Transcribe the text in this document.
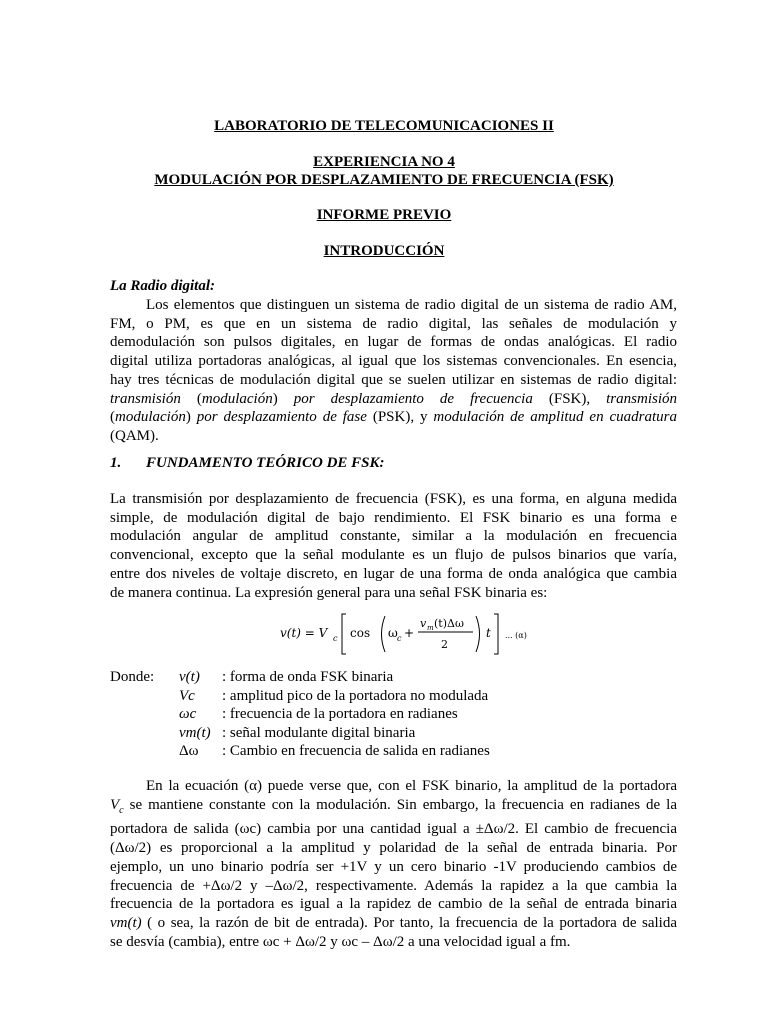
LABORATORIO DE TELECOMUNICACIONES II
EXPERIENCIA NO 4
MODULACIÓN POR DESPLAZAMIENTO DE FRECUENCIA (FSK)
INFORME PREVIO
INTRODUCCIÓN
La Radio digital:
Los elementos que distinguen un sistema de radio digital de un sistema de radio AM,
FM, o PM, es que en un sistema de radio digital, las señales de modulación y
demodulación son pulsos digitales, en lugar de formas de ondas analógicas. El radio
digital utiliza portadoras analógicas, al igual que los sistemas convencionales. En esencia,
hay tres técnicas de modulación digital que se suelen utilizar en sistemas de radio digital:
transmisión (modulación) por desplazamiento de frecuencia (FSK), transmisión
(modulación) por desplazamiento de fase (PSK), y modulación de amplitud en cuadratura
(QAM).
1. FUNDAMENTO TEÓRICO DE FSK:
La transmisión por desplazamiento de frecuencia (FSK), es una forma, en alguna medida
simple, de modulación digital de bajo rendimiento. El FSK binario es una forma e
modulación angular de amplitud constante, similar a la modulación en frecuencia
convencional, excepto que la señal modulante es un flujo de pulsos binarios que varía,
entre dos niveles de voltaje discreto, en lugar de una forma de onda analógica que cambia
de manera continua. La expresión general para una señal FSK binaria es:
v(t) = V c cos ω c +
v m (t)Δω
2
t ... (α)
Donde:	v(t)	: forma de onda FSK binaria
Vc	: amplitud pico de la portadora no modulada
ωc	: frecuencia de la portadora en radianes
vm(t) : señal modulante digital binaria
Δω	: Cambio en frecuencia de salida en radianes
En la ecuación (α) puede verse que, con el FSK binario, la amplitud de la portadora
$V_c$ se mantiene constante con la modulación. Sin embargo, la frecuencia en radianes de la
portadora de salida (ωc) cambia por una cantidad igual a ±Δω/2. El cambio de frecuencia
(Δω/2) es proporcional a la amplitud y polaridad de la señal de entrada binaria. Por
ejemplo, un uno binario podría ser +1V y un cero binario -1V produciendo cambios de
frecuencia de +Δω/2 y –Δω/2, respectivamente. Además la rapidez a la que cambia la
frecuencia de la portadora es igual a la rapidez de cambio de la señal de entrada binaria
vm(t) ( o sea, la razón de bit de entrada). Por tanto, la frecuencia de la portadora de salida
se desvía (cambia), entre ωc + Δω/2 y ωc – Δω/2 a una velocidad igual a fm.
